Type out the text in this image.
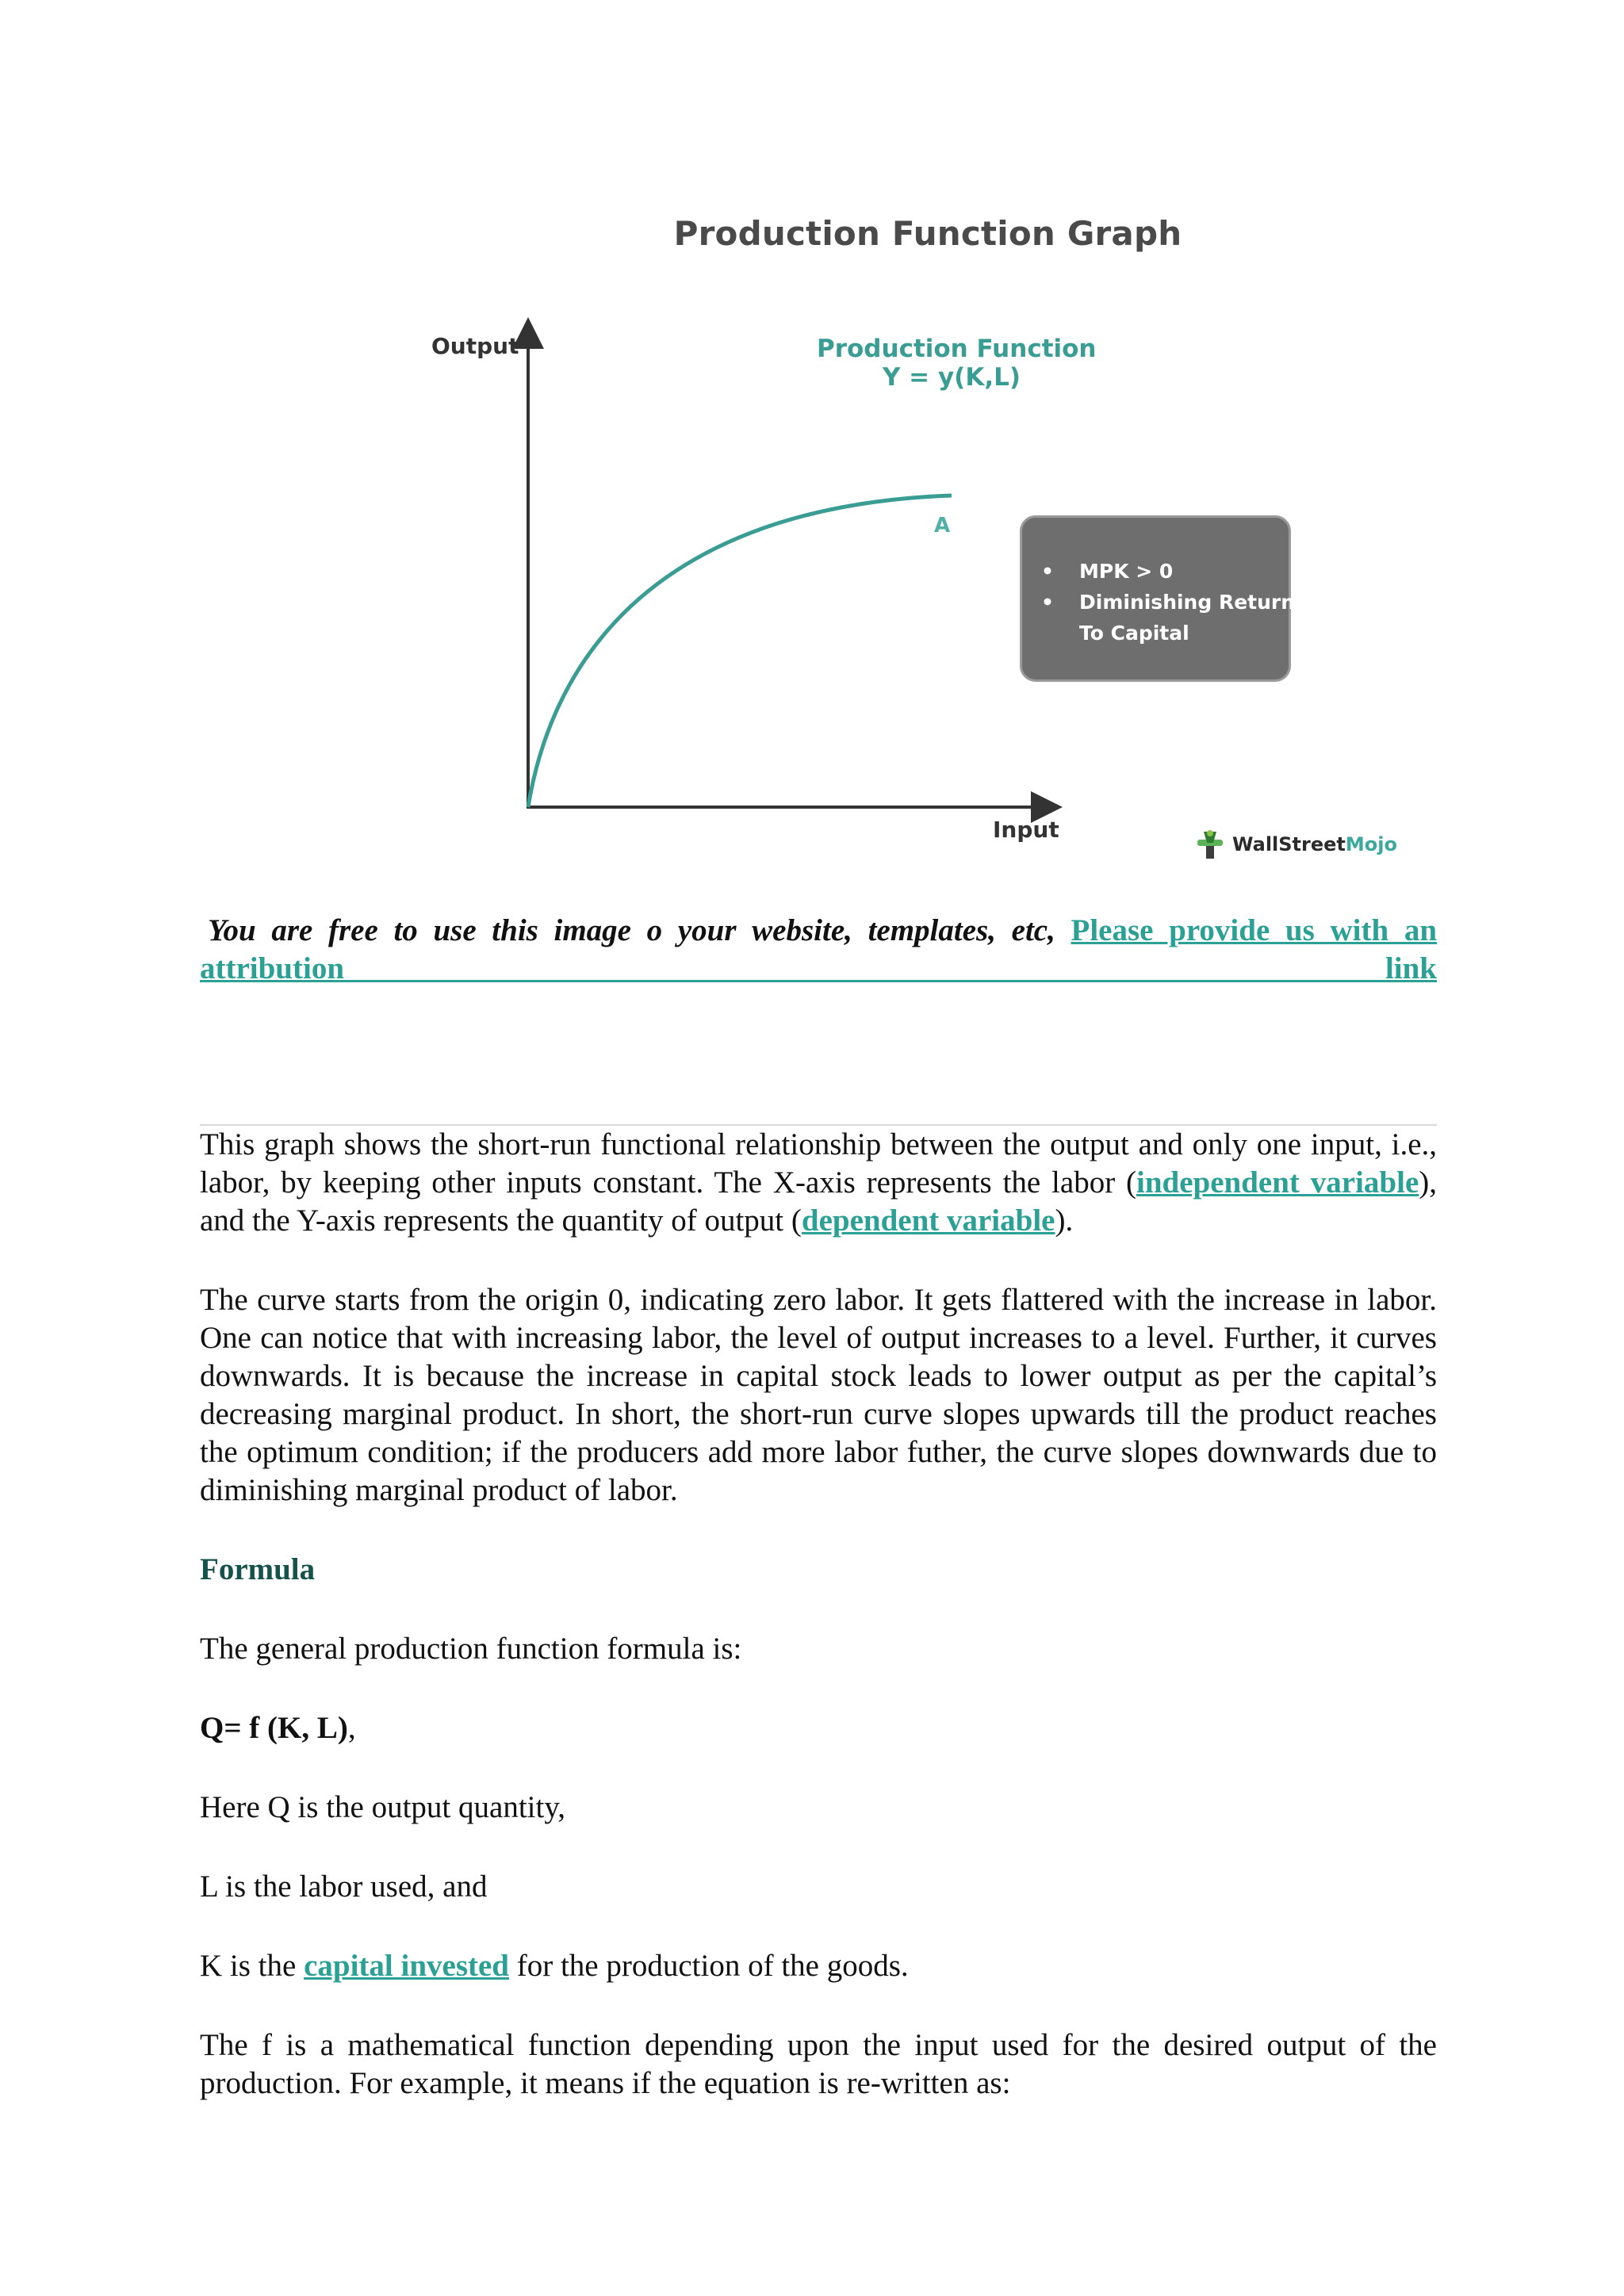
Production Function Graph
Output
Input
Production Function
Y = y(K,L)
A
• MPK > 0
• Diminishing Returns
To Capital
WallStreet Mojo
You are free to use this image o your website, templates, etc, Please provide us with an attribution	link

This graph shows the short-run functional relationship between the output and only one input, i.e., labor, by keeping other inputs constant. The X-axis represents the labor (independent variable), and the Y-axis represents the quantity of output (dependent variable).

The curve starts from the origin 0, indicating zero labor. It gets flattered with the increase in labor. One can notice that with increasing labor, the level of output increases to a level. Further, it curves downwards. It is because the increase in capital stock leads to lower output as per the capital’s decreasing marginal product. In short, the short-run curve slopes upwards till the product reaches the optimum condition; if the producers add more labor futher, the curve slopes downwards due to diminishing marginal product of labor.

Formula

The general production function formula is:

Q= f (K, L),

Here Q is the output quantity,

L is the labor used, and

K is the capital invested for the production of the goods.

The f is a mathematical function depending upon the input used for the desired output of the production. For example, it means if the equation is re-written as:
